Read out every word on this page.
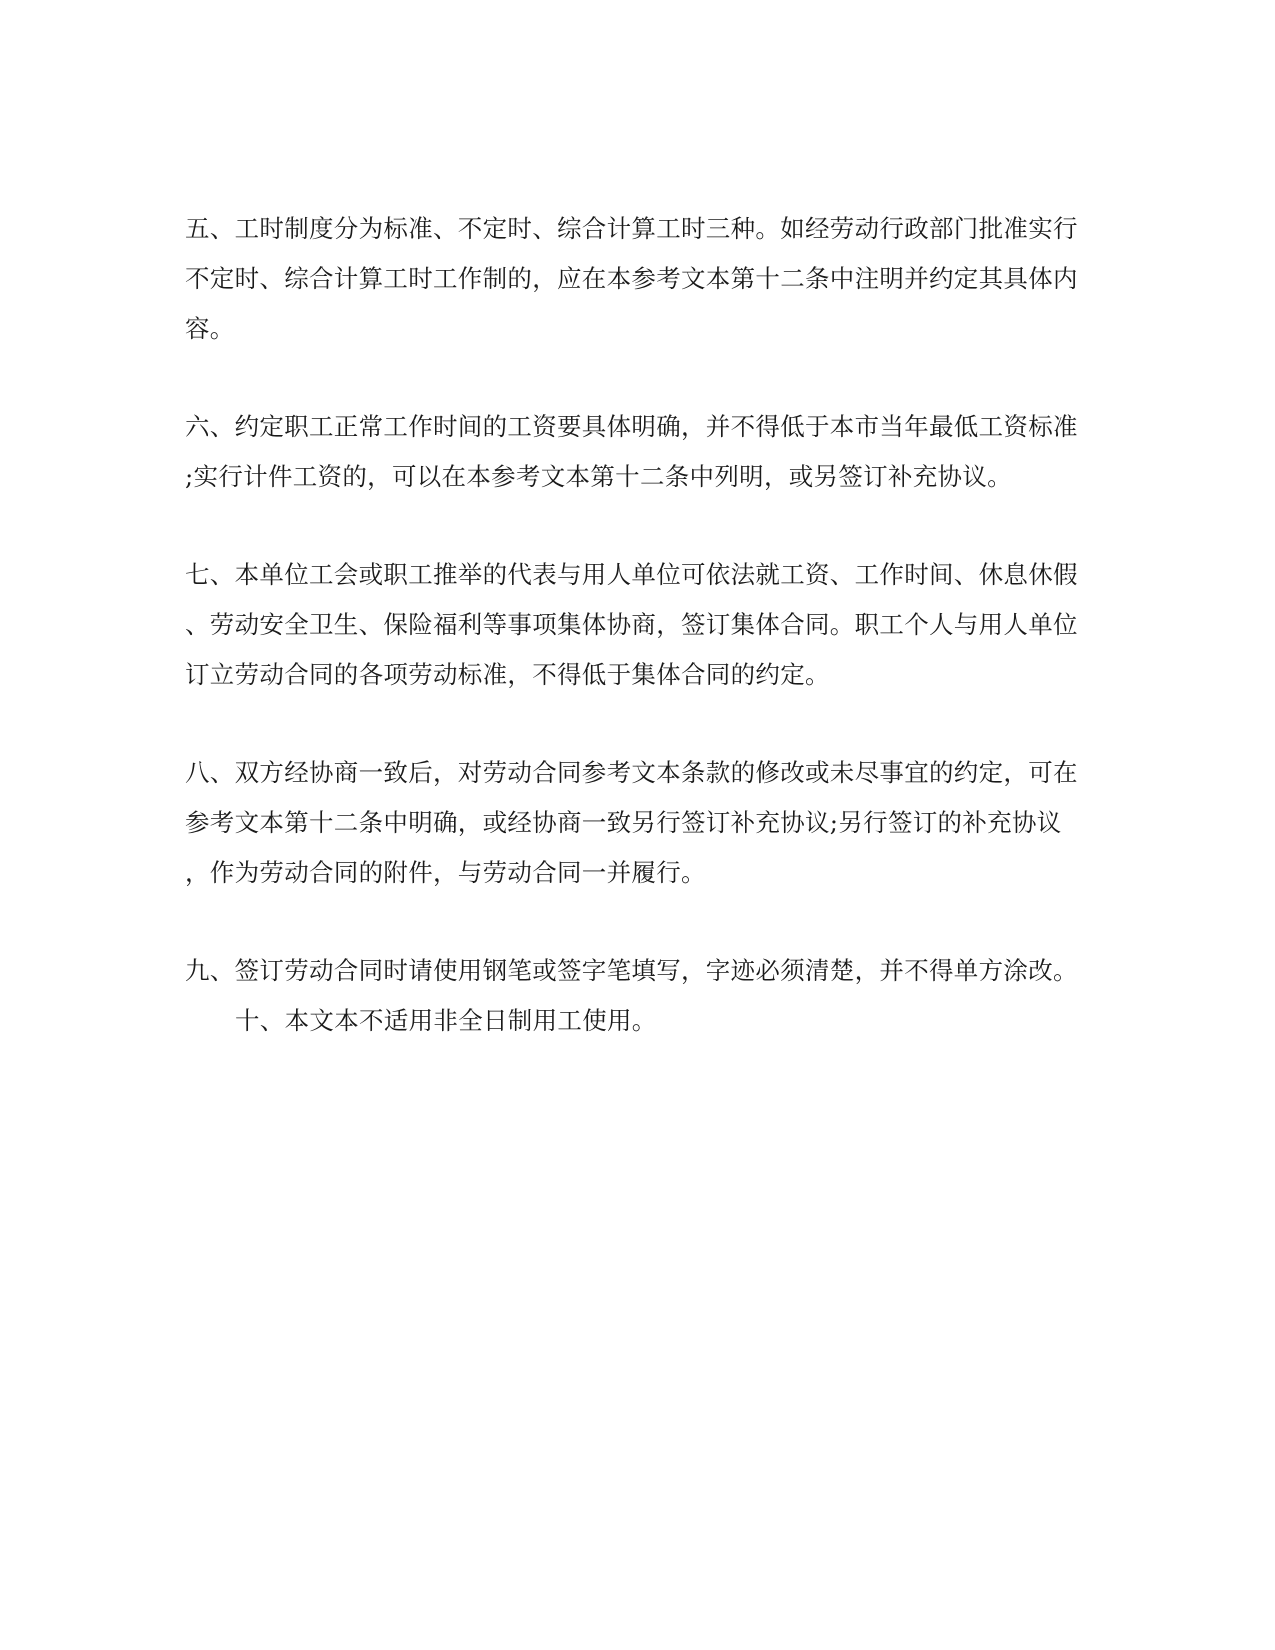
五、工时制度分为标准、不定时、综合计算工时三种。如经劳动行政部门批准实行
不定时、综合计算工时工作制的，应在本参考文本第十二条中注明并约定其具体内
容。
六、约定职工正常工作时间的工资要具体明确，并不得低于本市当年最低工资标准
;实行计件工资的，可以在本参考文本第十二条中列明，或另签订补充协议。
七、本单位工会或职工推举的代表与用人单位可依法就工资、工作时间、休息休假
、劳动安全卫生、保险福利等事项集体协商，签订集体合同。职工个人与用人单位
订立劳动合同的各项劳动标准，不得低于集体合同的约定。
八、双方经协商一致后，对劳动合同参考文本条款的修改或未尽事宜的约定，可在
参考文本第十二条中明确，或经协商一致另行签订补充协议;另行签订的补充协议
，作为劳动合同的附件，与劳动合同一并履行。
九、签订劳动合同时请使用钢笔或签字笔填写，字迹必须清楚，并不得单方涂改。
十、本文本不适用非全日制用工使用。
